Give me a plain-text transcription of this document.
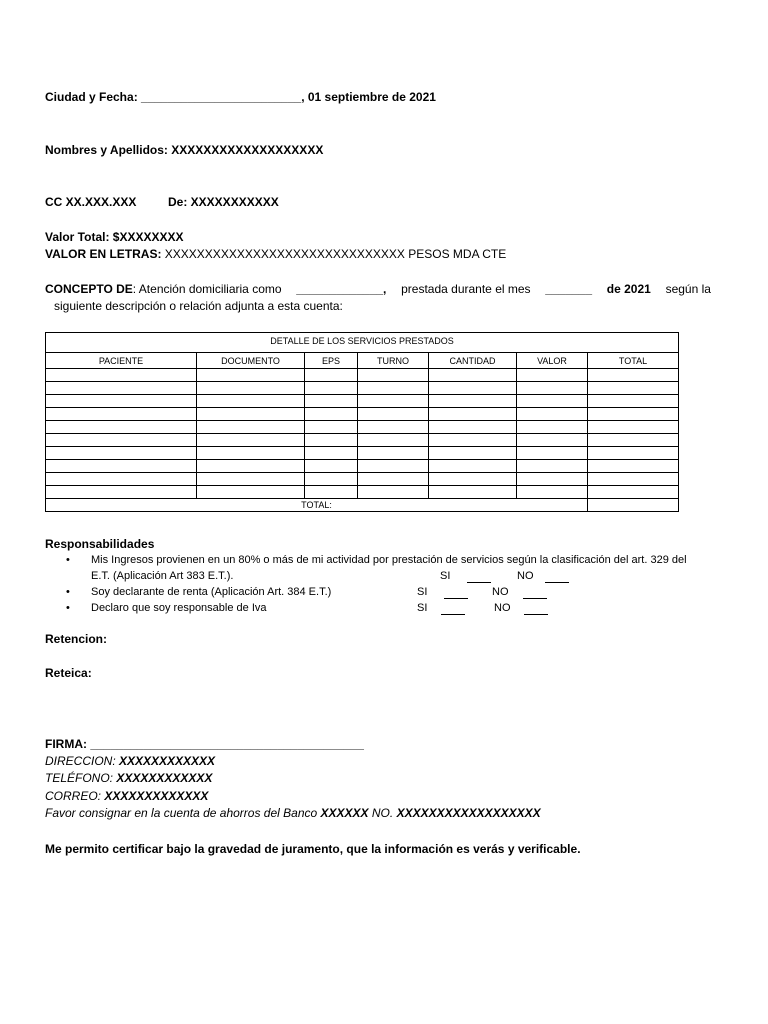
Ciudad y Fecha: ________________________, 01 septiembre de 2021
Nombres y Apellidos: XXXXXXXXXXXXXXXXXXX
CC XX.XXX.XXX	De: XXXXXXXXXXX
Valor Total: $XXXXXXXX
VALOR EN LETRAS: XXXXXXXXXXXXXXXXXXXXXXXXXXXXXX PESOS MDA CTE
CONCEPTO DE: Atención domiciliaria como _____________, prestada durante el mes _______ de 2021 según la
siguiente descripción o relación adjunta a esta cuenta:
DETALLE DE LOS SERVICIOS PRESTADOS						
PACIENTE	DOCUMENTO	EPS	TURNO	CANTIDAD	VALOR	TOTAL

TOTAL:						
Responsabilidades
• Mis Ingresos provienen en un 80% o más de mi actividad por prestación de servicios según la clasificación del art. 329 del
E.T. (Aplicación Art 383 E.T.).	SI	NO
• Soy declarante de renta (Aplicación Art. 384 E.T.)	SI	NO
• Declaro que soy responsable de Iva	SI	NO
Retencion:
Reteica:
FIRMA: _________________________________________
DIRECCION: XXXXXXXXXXXX
TELÉFONO: XXXXXXXXXXXX
CORREO: XXXXXXXXXXXXX
Favor consignar en la cuenta de ahorros del Banco XXXXXX NO. XXXXXXXXXXXXXXXXXX
Me permito certificar bajo la gravedad de juramento, que la información es verás y verificable.
